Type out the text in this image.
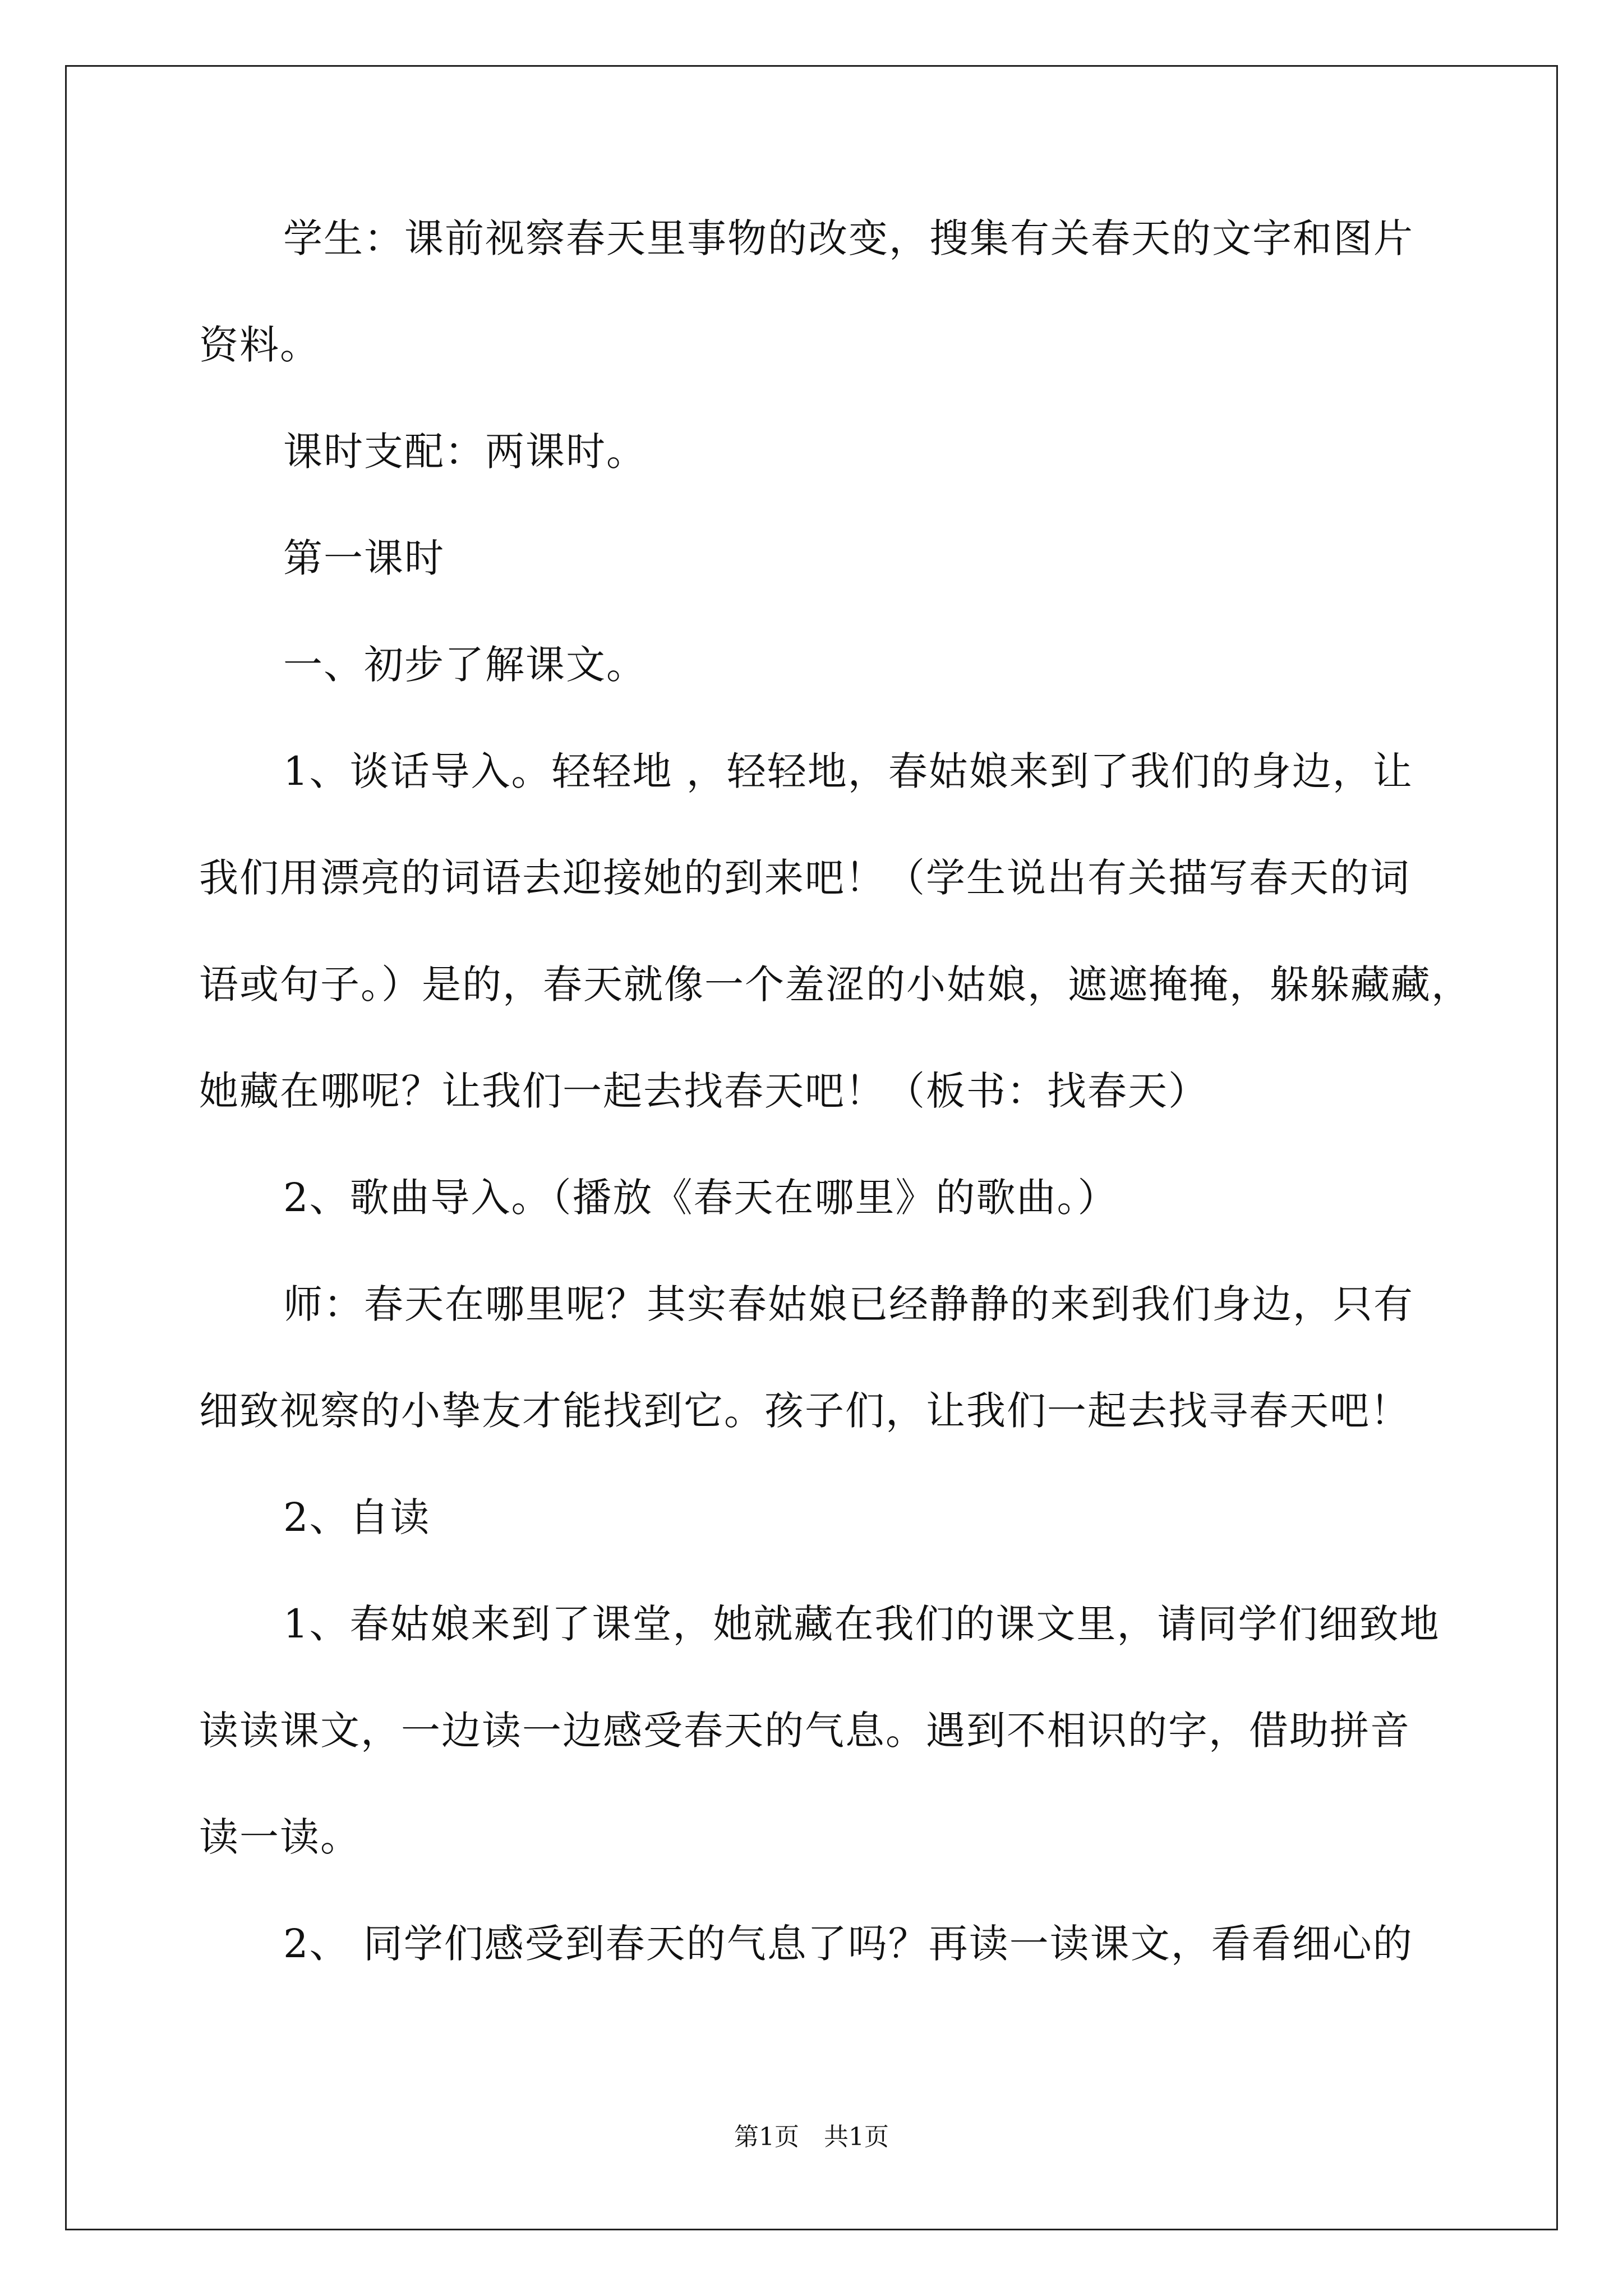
学生：课前视察春天里事物的改变，搜集有关春天的文字和图片
资料。
课时支配：两课时。
第一课时
一、初步了解课文。
1、谈话导入。轻轻地 ，轻轻地，春姑娘来到了我们的身边，让
我们用漂亮的词语去迎接她的到来吧！（学生说出有关描写春天的词
语或句子。）是的，春天就像一个羞涩的小姑娘，遮遮掩掩，躲躲藏藏，
她藏在哪呢？让我们一起去找春天吧！（板书：找春天）
2、歌曲导入。（播放《春天在哪里》的歌曲。）
师：春天在哪里呢？其实春姑娘已经静静的来到我们身边，只有
细致视察的小挚友才能找到它。孩子们，让我们一起去找寻春天吧！
2、自读
1、春姑娘来到了课堂，她就藏在我们的课文里，请同学们细致地
读读课文，一边读一边感受春天的气息。遇到不相识的字，借助拼音
读一读。
2、 同学们感受到春天的气息了吗？再读一读课文，看看细心的
第1页　共1页
